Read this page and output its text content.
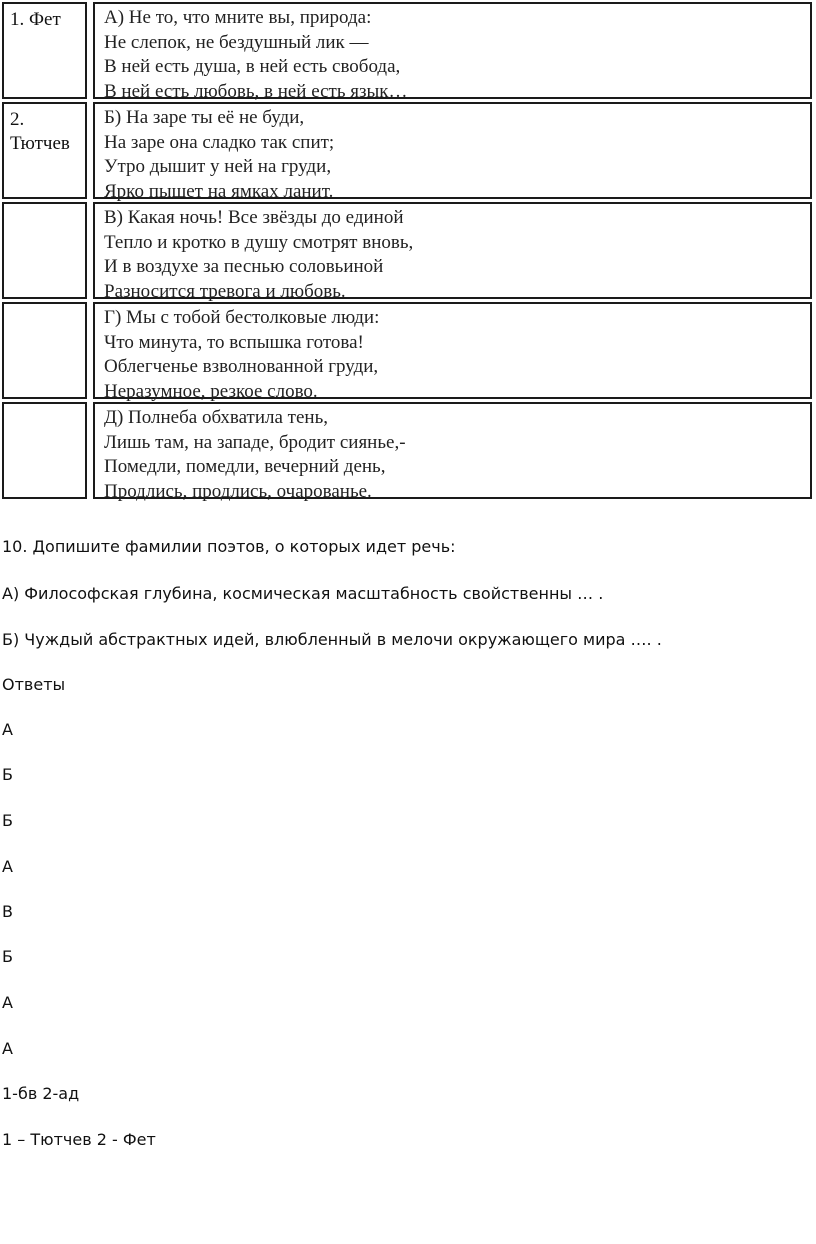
1. Фет	А) Не то, что мните вы, природа:
Не слепок, не бездушный лик —
В ней есть душа, в ней есть свобода,
В ней есть любовь, в ней есть язык…
2.
Тютчев
Б) На заре ты её не буди,
На заре она сладко так спит;
Утро дышит у ней на груди,
Ярко пышет на ямках ланит.
В) Какая ночь! Все звёзды до единой
Тепло и кротко в душу смотрят вновь,
И в воздухе за песнью соловьиной
Разносится тревога и любовь.
Г) Мы с тобой бестолковые люди:
Что минута, то вспышка готова!
Облегченье взволнованной груди,
Неразумное, резкое слово.
Д) Полнеба обхватила тень,
Лишь там, на западе, бродит сиянье,-
Помедли, помедли, вечерний день,
Продлись, продлись, очарованье.

10. Допишите фамилии поэтов, о которых идет речь:

А) Философская глубина, космическая масштабность свойственны … .

Б) Чуждый абстрактных идей, влюбленный в мелочи окружающего мира …. .

Ответы

А

Б

Б

А

В

Б

А

А

1-бв 2-ад

1 – Тютчев 2 - Фет
